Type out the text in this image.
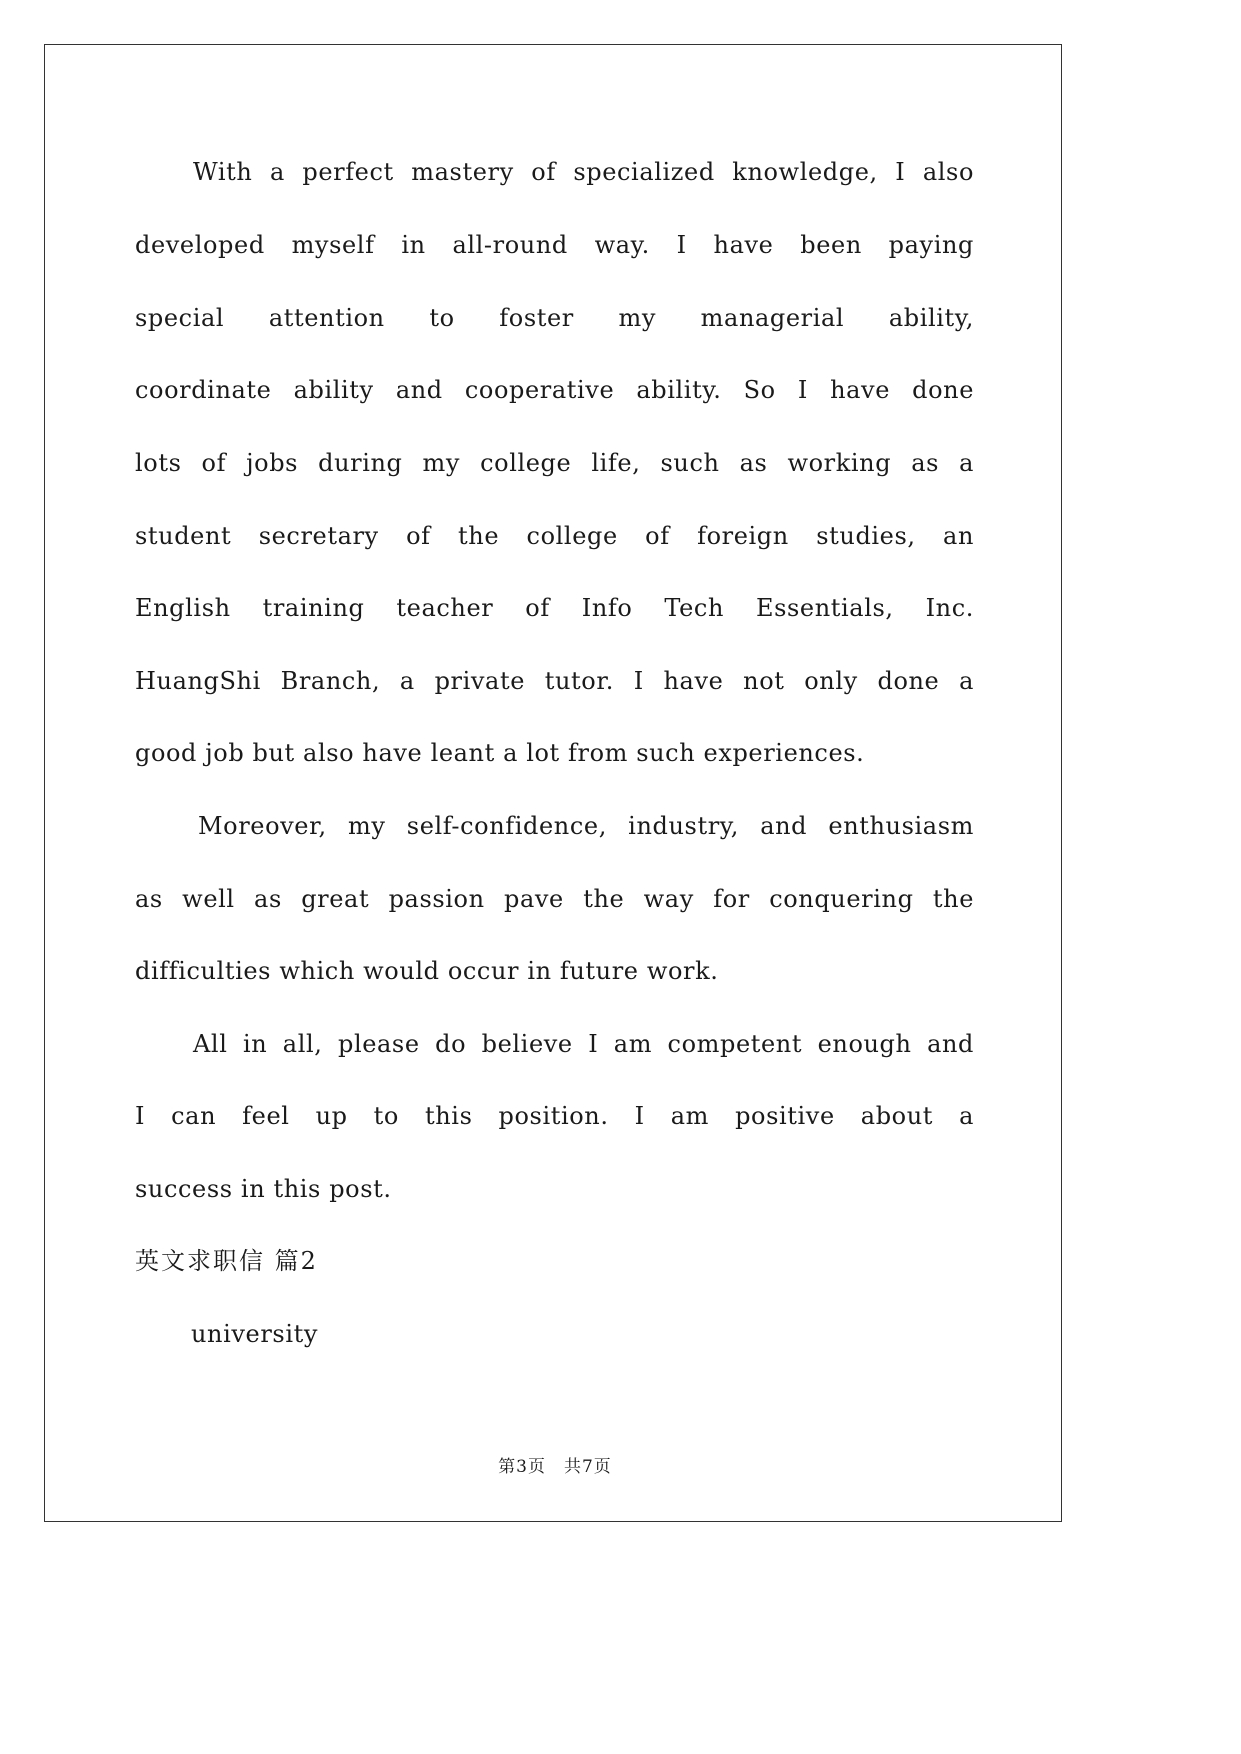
With a perfect mastery of specialized knowledge, I also
developed myself in all-round way. I have been paying
special attention to foster my managerial ability,
coordinate ability and cooperative ability. So I have done
lots of jobs during my college life, such as working as a
student secretary of the college of foreign studies, an
English training teacher of Info Tech Essentials, Inc.
HuangShi Branch, a private tutor. I have not only done a
good job but also have leant a lot from such experiences.
Moreover, my self-confidence, industry, and enthusiasm
as well as great passion pave the way for conquering the
difficulties which would occur in future work.
All in all, please do believe I am competent enough and
I can feel up to this position. I am positive about a
success in this post.
英文求职信 篇2
university
第3页　共7页
